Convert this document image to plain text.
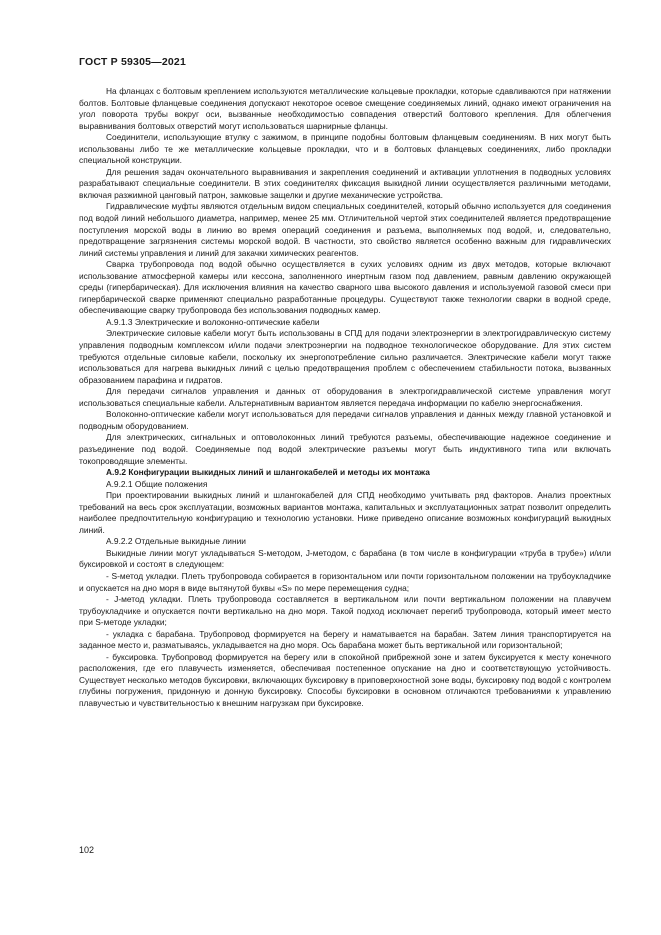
ГОСТ Р 59305—2021

На фланцах с болтовым креплением используются металлические кольцевые прокладки, которые сдавливаются при натяжении болтов. Болтовые фланцевые соединения допускают некоторое осевое смещение соединяемых линий, однако имеют ограничения на угол поворота трубы вокруг оси, вызванные необходимостью совпадения отверстий болтового крепления. Для облегчения выравнивания болтовых отверстий могут использоваться шарнирные фланцы.

Соединители, использующие втулку с зажимом, в принципе подобны болтовым фланцевым соединениям. В них могут быть использованы либо те же металлические кольцевые прокладки, что и в болтовых фланцевых соединениях, либо прокладки специальной конструкции.

Для решения задач окончательного выравнивания и закрепления соединений и активации уплотнения в подводных условиях разрабатывают специальные соединители. В этих соединителях фиксация выкидной линии осуществляется различными методами, включая разжимной цанговый патрон, замковые защелки и другие механические устройства.

Гидравлические муфты являются отдельным видом специальных соединителей, который обычно используется для соединения под водой линий небольшого диаметра, например, менее 25 мм. Отличительной чертой этих соединителей является предотвращение поступления морской воды в линию во время операций соединения и разъема, выполняемых под водой, и, следовательно, предотвращение загрязнения системы морской водой. В частности, это свойство является особенно важным для гидравлических линий системы управления и линий для закачки химических реагентов.

Сварка трубопровода под водой обычно осуществляется в сухих условиях одним из двух методов, которые включают использование атмосферной камеры или кессона, заполненного инертным газом под давлением, равным давлению окружающей среды (гипербарическая). Для исключения влияния на качество сварного шва высокого давления и используемой газовой смеси при гипербарической сварке применяют специально разработанные процедуры. Существуют также технологии сварки в водной среде, обеспечивающие сварку трубопровода без использования подводных камер.

А.9.1.3 Электрические и волоконно-оптические кабели

Электрические силовые кабели могут быть использованы в СПД для подачи электроэнергии в электрогидравлическую систему управления подводным комплексом и/или подачи электроэнергии на подводное технологическое оборудование. Для этих систем требуются отдельные силовые кабели, поскольку их энергопотребление сильно различается. Электрические кабели могут также использоваться для нагрева выкидных линий с целью предотвращения проблем с обеспечением стабильности потока, вызванных образованием парафина и гидратов.

Для передачи сигналов управления и данных от оборудования в электрогидравлической системе управления могут использоваться специальные кабели. Альтернативным вариантом является передача информации по кабелю энергоснабжения.

Волоконно-оптические кабели могут использоваться для передачи сигналов управления и данных между главной установкой и подводным оборудованием.

Для электрических, сигнальных и оптоволоконных линий требуются разъемы, обеспечивающие надежное соединение и разъединение под водой. Соединяемые под водой электрические разъемы могут быть индуктивного типа или включать токопроводящие элементы.

А.9.2 Конфигурации выкидных линий и шлангокабелей и методы их монтажа

А.9.2.1 Общие положения

При проектировании выкидных линий и шлангокабелей для СПД необходимо учитывать ряд факторов. Анализ проектных требований на весь срок эксплуатации, возможных вариантов монтажа, капитальных и эксплуатационных затрат позволит определить наиболее предпочтительную конфигурацию и технологию установки. Ниже приведено описание возможных конфигураций выкидных линий.

А.9.2.2 Отдельные выкидные линии

Выкидные линии могут укладываться S-методом, J-методом, с барабана (в том числе в конфигурации «труба в трубе») и/или буксировкой и состоят в следующем:

- S-метод укладки. Плеть трубопровода собирается в горизонтальном или почти горизонтальном положении на трубоукладчике и опускается на дно моря в виде вытянутой буквы «S» по мере перемещения судна;

- J-метод укладки. Плеть трубопровода составляется в вертикальном или почти вертикальном положении на плавучем трубоукладчике и опускается почти вертикально на дно моря. Такой подход исключает перегиб трубопровода, который имеет место при S-методе укладки;

- укладка с барабана. Трубопровод формируется на берегу и наматывается на барабан. Затем линия транспортируется на заданное место и, разматываясь, укладывается на дно моря. Ось барабана может быть вертикальной или горизонтальной;

- буксировка. Трубопровод формируется на берегу или в спокойной прибрежной зоне и затем буксируется к месту конечного расположения, где его плавучесть изменяется, обеспечивая постепенное опускание на дно и соответствующую устойчивость. Существует несколько методов буксировки, включающих буксировку в приповерхностной зоне воды, буксировку под водой с контролем глубины погружения, придонную и донную буксировку. Способы буксировки в основном отличаются требованиями к управлению плавучестью и чувствительностью к внешним нагрузкам при буксировке.

102
